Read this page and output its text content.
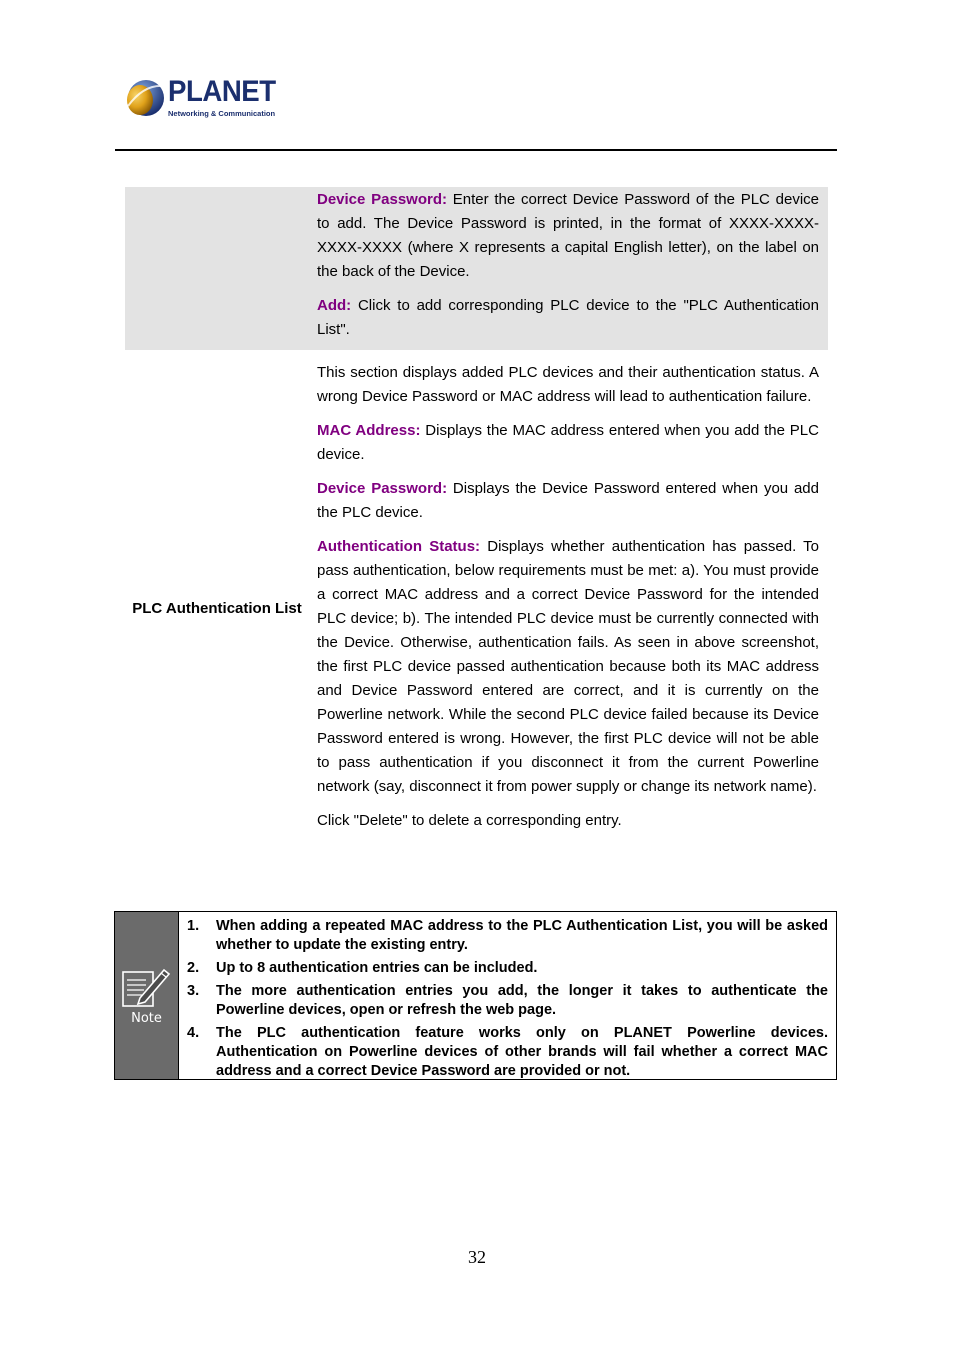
PLANET
Networking & Communication

Device Password: Enter the correct Device Password of the PLC device to add. The Device Password is printed, in the format of XXXX-XXXX-XXXX-XXXX (where X represents a capital English letter), on the label on the back of the Device.

Add: Click to add corresponding PLC device to the "PLC Authentication List".

PLC Authentication List

This section displays added PLC devices and their authentication status. A wrong Device Password or MAC address will lead to authentication failure.

MAC Address: Displays the MAC address entered when you add the PLC device.

Device Password: Displays the Device Password entered when you add the PLC device.

Authentication Status: Displays whether authentication has passed. To pass authentication, below requirements must be met: a). You must provide a correct MAC address and a correct Device Password for the intended PLC device; b). The intended PLC device must be currently connected with the Device. Otherwise, authentication fails. As seen in above screenshot, the first PLC device passed authentication because both its MAC address and Device Password entered are correct, and it is currently on the Powerline network. While the second PLC device failed because its Device Password entered is wrong. However, the first PLC device will not be able to pass authentication if you disconnect it from the current Powerline network (say, disconnect it from power supply or change its network name).

Click "Delete" to delete a corresponding entry.

Note
1. When adding a repeated MAC address to the PLC Authentication List, you will be asked whether to update the existing entry.
2. Up to 8 authentication entries can be included.
3. The more authentication entries you add, the longer it takes to authenticate the Powerline devices, open or refresh the web page.
4. The PLC authentication feature works only on PLANET Powerline devices. Authentication on Powerline devices of other brands will fail whether a correct MAC address and a correct Device Password are provided or not.
32
